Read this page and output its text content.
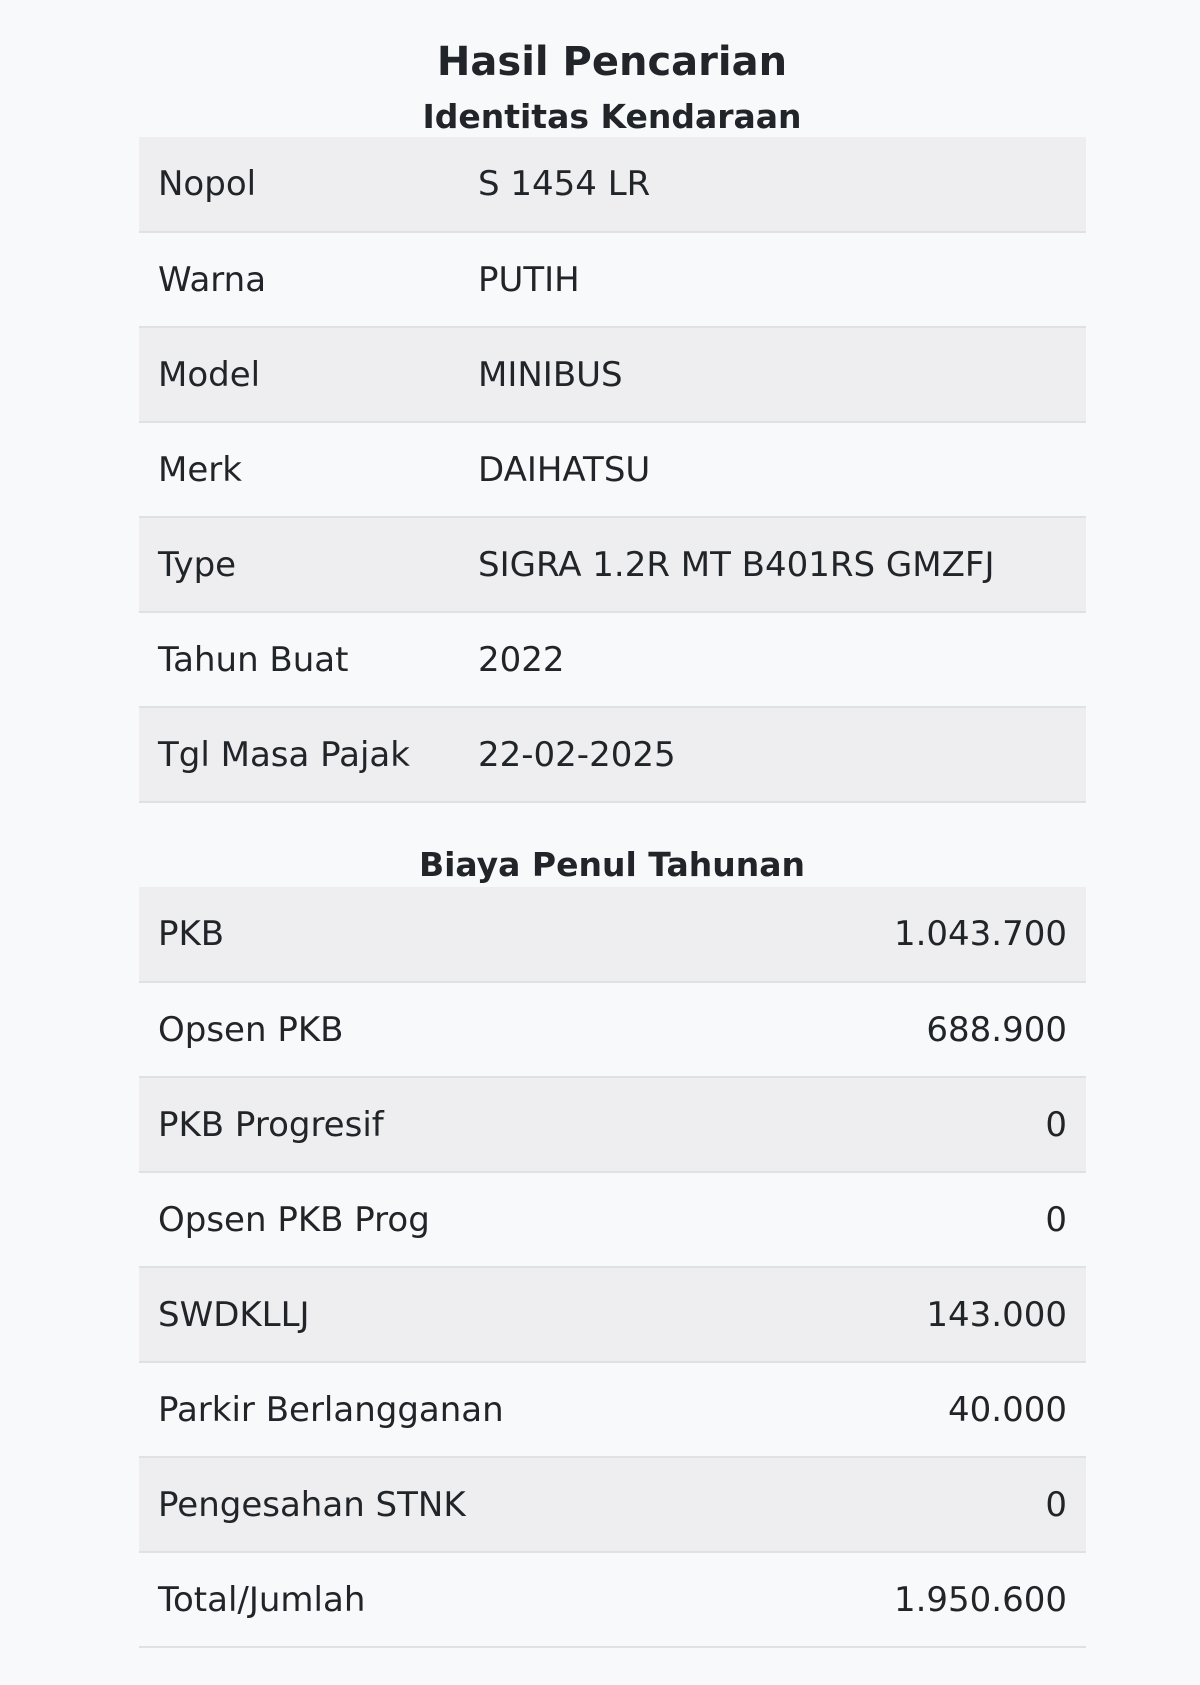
Hasil Pencarian
Identitas Kendaraan
Nopol	S 1454 LR
Warna	PUTIH
Model	MINIBUS
Merk	DAIHATSU
Type	SIGRA 1.2R MT B401RS GMZFJ
Tahun Buat	2022
Tgl Masa Pajak	22-02-2025
Biaya Penul Tahunan
PKB	1.043.700
Opsen PKB	688.900
PKB Progresif	0
Opsen PKB Prog	0
SWDKLLJ	143.000
Parkir Berlangganan	40.000
Pengesahan STNK	0
Total/Jumlah	1.950.600
